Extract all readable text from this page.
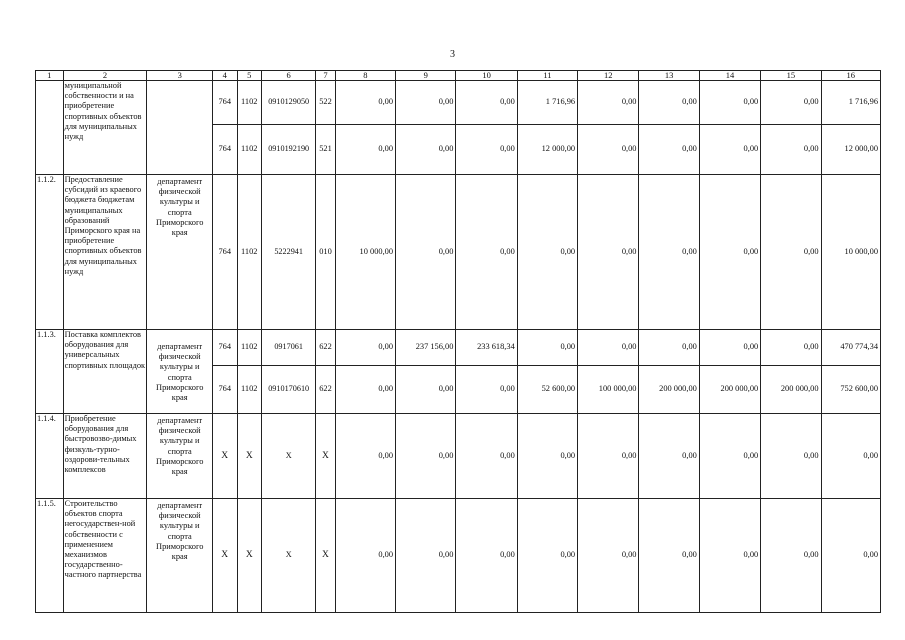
3
1	2	3	4	5	6	7	8	9	10	11	12	13	14	15	16
	муниципальной собственности и на приобретение спортивных объектов для муниципальных нужд		764	1102	0910129050	522	0,00	0,00	0,00	1 716,96	0,00	0,00	0,00	0,00	1 716,96
			764	1102	0910192190	521	0,00	0,00	0,00	12 000,00	0,00	0,00	0,00	0,00	12 000,00
1.1.2.	Предоставление субсидий из краевого бюджета бюджетам муниципальных образований Приморского края на приобретение спортивных объектов для муниципальных нужд	департамент физической культуры и спорта Приморского края	764	1102	5222941	010	10 000,00	0,00	0,00	0,00	0,00	0,00	0,00	0,00	10 000,00
1.1.3.	Поставка комплектов оборудования для универсальных спортивных площадок	департамент физической культуры и спорта Приморского края	764	1102	0917061	622	0,00	237 156,00	233 618,34	0,00	0,00	0,00	0,00	0,00	470 774,34
			764	1102	0910170610	622	0,00	0,00	0,00	52 600,00	100 000,00	200 000,00	200 000,00	200 000,00	752 600,00
1.1.4.	Приобретение оборудования для быстровозво-димых физкуль-турно-оздорови-тельных комплексов	департамент физической культуры и спорта Приморского края	X	X	X	X	0,00	0,00	0,00	0,00	0,00	0,00	0,00	0,00	0,00
1.1.5.	Строительство объектов спорта негосударствен-ной собственности с применением механизмов государственно-частного партнерства	департамент физической культуры и спорта Приморского края	X	X	X	X	0,00	0,00	0,00	0,00	0,00	0,00	0,00	0,00	0,00
